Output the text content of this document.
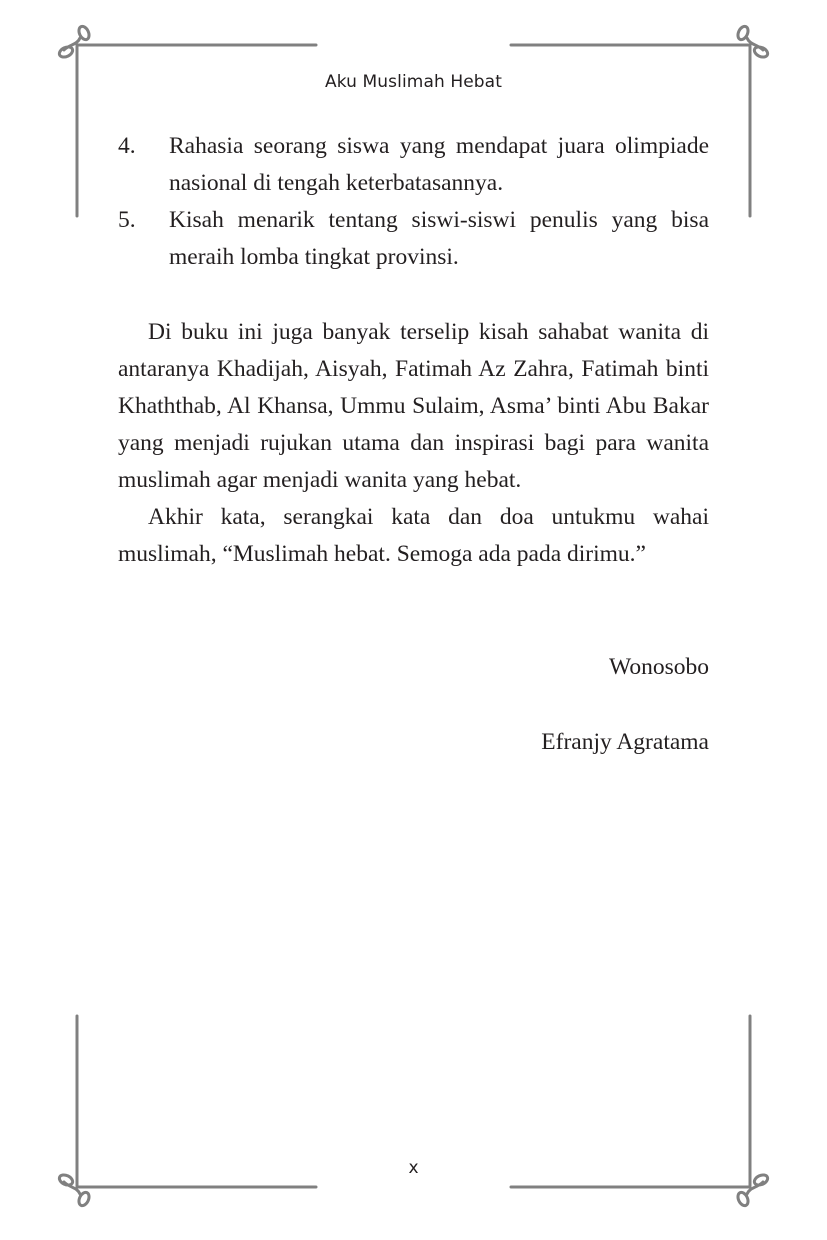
Aku Muslimah Hebat
4. Rahasia seorang siswa yang mendapat juara olimpiade nasional di tengah keterbatasannya.
5. Kisah menarik tentang siswi-siswi penulis yang bisa meraih lomba tingkat provinsi.

Di buku ini juga banyak terselip kisah sahabat wanita di antaranya Khadijah, Aisyah, Fatimah Az Zahra, Fatimah binti Khaththab, Al Khansa, Ummu Sulaim, Asma’ binti Abu Bakar yang menjadi rujukan utama dan inspirasi bagi para wanita muslimah agar menjadi wanita yang hebat.

Akhir kata, serangkai kata dan doa untukmu wahai muslimah, “Muslimah hebat. Semoga ada pada dirimu.”

Wonosobo

Efranjy Agratama

x
